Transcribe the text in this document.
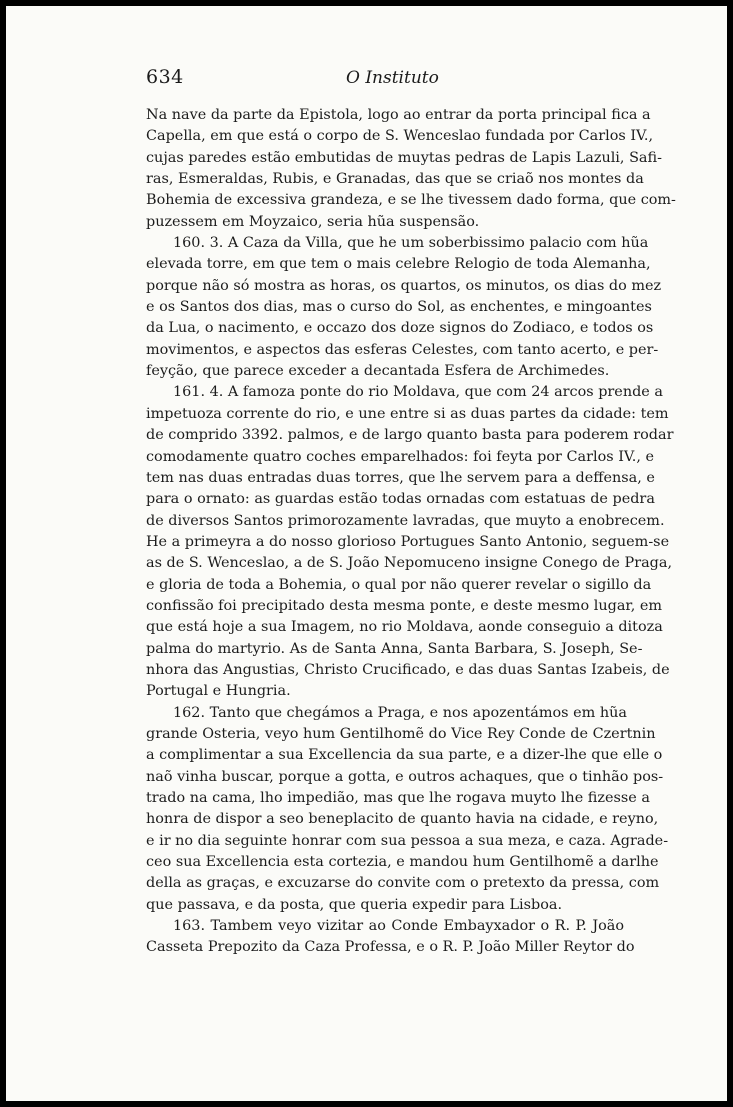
634	O Instituto
Na nave da parte da Epistola, logo ao entrar da porta principal fica a
Capella, em que está o corpo de S. Wenceslao fundada por Carlos IV.,
cujas paredes estão embutidas de muytas pedras de Lapis Lazuli, Safi-
ras, Esmeraldas, Rubis, e Granadas, das que se criaõ nos montes da
Bohemia de excessiva grandeza, e se lhe tivessem dado forma, que com-
puzessem em Moyzaico, seria hũa suspensão.
160. 3. A Caza da Villa, que he um soberbissimo palacio com hũa
elevada torre, em que tem o mais celebre Relogio de toda Alemanha,
porque não só mostra as horas, os quartos, os minutos, os dias do mez
e os Santos dos dias, mas o curso do Sol, as enchentes, e mingoantes
da Lua, o nacimento, e occazo dos doze signos do Zodiaco, e todos os
movimentos, e aspectos das esferas Celestes, com tanto acerto, e per-
feyção, que parece exceder a decantada Esfera de Archimedes.
161. 4. A famoza ponte do rio Moldava, que com 24 arcos prende a
impetuoza corrente do rio, e une entre si as duas partes da cidade: tem
de comprido 3392. palmos, e de largo quanto basta para poderem rodar
comodamente quatro coches emparelhados: foi feyta por Carlos IV., e
tem nas duas entradas duas torres, que lhe servem para a deffensa, e
para o ornato: as guardas estão todas ornadas com estatuas de pedra
de diversos Santos primorozamente lavradas, que muyto a enobrecem.
He a primeyra a do nosso glorioso Portugues Santo Antonio, seguem-se
as de S. Wenceslao, a de S. João Nepomuceno insigne Conego de Praga,
e gloria de toda a Bohemia, o qual por não querer revelar o sigillo da
confissão foi precipitado desta mesma ponte, e deste mesmo lugar, em
que está hoje a sua Imagem, no rio Moldava, aonde conseguio a ditoza
palma do martyrio. As de Santa Anna, Santa Barbara, S. Joseph, Se-
nhora das Angustias, Christo Crucificado, e das duas Santas Izabeis, de
Portugal e Hungria.
162. Tanto que chegámos a Praga, e nos apozentámos em hũa
grande Osteria, veyo hum Gentilhomẽ do Vice Rey Conde de Czertnin
a complimentar a sua Excellencia da sua parte, e a dizer-lhe que elle o
naõ vinha buscar, porque a gotta, e outros achaques, que o tinhão pos-
trado na cama, lho impedião, mas que lhe rogava muyto lhe fizesse a
honra de dispor a seo beneplacito de quanto havia na cidade, e reyno,
e ir no dia seguinte honrar com sua pessoa a sua meza, e caza. Agrade-
ceo sua Excellencia esta cortezia, e mandou hum Gentilhomẽ a darlhe
della as graças, e excuzarse do convite com o pretexto da pressa, com
que passava, e da posta, que queria expedir para Lisboa.
163. Tambem veyo vizitar ao Conde Embayxador o R. P. João
Casseta Prepozito da Caza Professa, e o R. P. João Miller Reytor do
